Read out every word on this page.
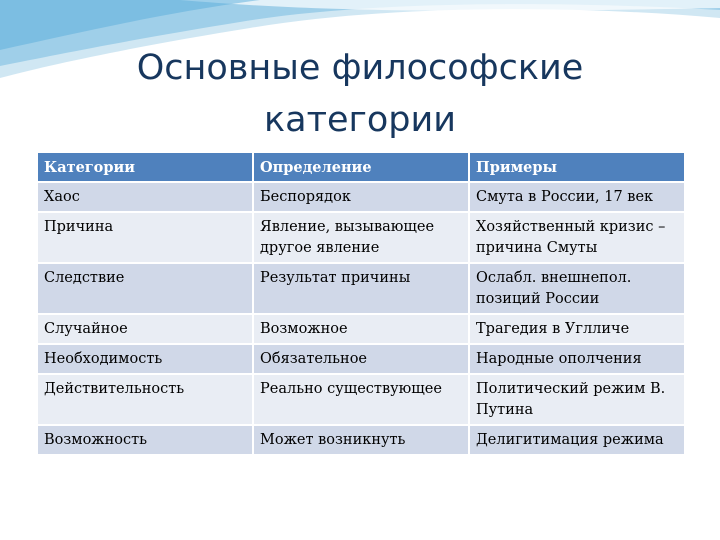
Основные философские
категории
Категории	Определение	Примеры
Хаос	Беспорядок	Смута в России, 17 век
Причина	Явление, вызывающее другое явление	Хозяйственный кризис – причина Смуты
Следствие	Результат причины	Ослабл. внешнепол. позиций России
Случайное	Возможное	Трагедия в Углличе
Необходимость	Обязательное	Народные ополчения
Действительность	Реально существующее	Политический режим В. Путина
Возможность	Может возникнуть	Делигитимация режима
